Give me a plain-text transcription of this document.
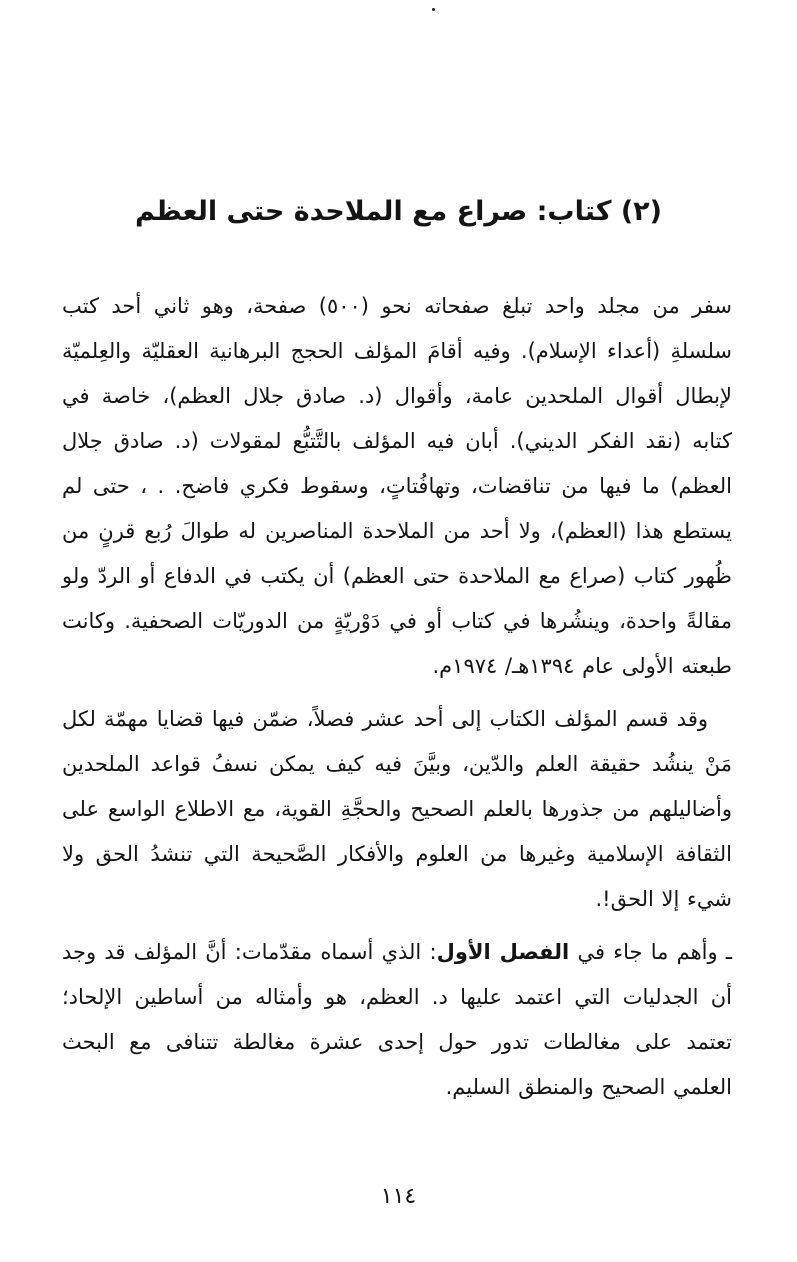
(٢) كتاب: صراع مع الملاحدة حتى العظم

سفر من مجلد واحد تبلغ صفحاته نحو (٥٠٠) صفحة، وهو ثاني أحد كتب سلسلةِ (أعداء الإسلام). وفيه أقامَ المؤلف الحجج البرهانية العقليّة والعِلميّة لإبطال أقوال الملحدين عامة، وأقوال (د. صادق جلال العظم)، خاصة في كتابه (نقد الفكر الديني). أبان فيه المؤلف بالتَّتبُّع لمقولات (د. صادق جلال العظم) ما فيها من تناقضات، وتهافُتاتٍ، وسقوط فكري فاضح. . ، حتى لم يستطع هذا (العظم)، ولا أحد من الملاحدة المناصرين له طوالَ رُبع قرنٍ من ظُهور كتاب (صراع مع الملاحدة حتى العظم) أن يكتب في الدفاع أو الردّ ولو مقالةً واحدة، وينشُرها في كتاب أو في دَوْريّةٍ من الدوريّات الصحفية. وكانت طبعته الأولى عام ١٣٩٤هـ/ ١٩٧٤م.

وقد قسم المؤلف الكتاب إلى أحد عشر فصلاً، ضمّن فيها قضايا مهمّة لكل مَنْ ينشُد حقيقة العلم والدّين، وبيَّنَ فيه كيف يمكن نسفُ قواعد الملحدين وأضاليلهم من جذورها بالعلم الصحيح والحجَّةِ القوية، مع الاطلاع الواسع على الثقافة الإسلامية وغيرها من العلوم والأفكار الصَّحيحة التي تنشدُ الحق ولا شيء إلا الحق!.

ـ وأهم ما جاء في الفصل الأول: الذي أسماه مقدّمات: أنَّ المؤلف قد وجد أن الجدليات التي اعتمد عليها د. العظم، هو وأمثاله من أساطين الإلحاد؛ تعتمد على مغالطات تدور حول إحدى عشرة مغالطة تتنافى مع البحث العلمي الصحيح والمنطق السليم.

١١٤
